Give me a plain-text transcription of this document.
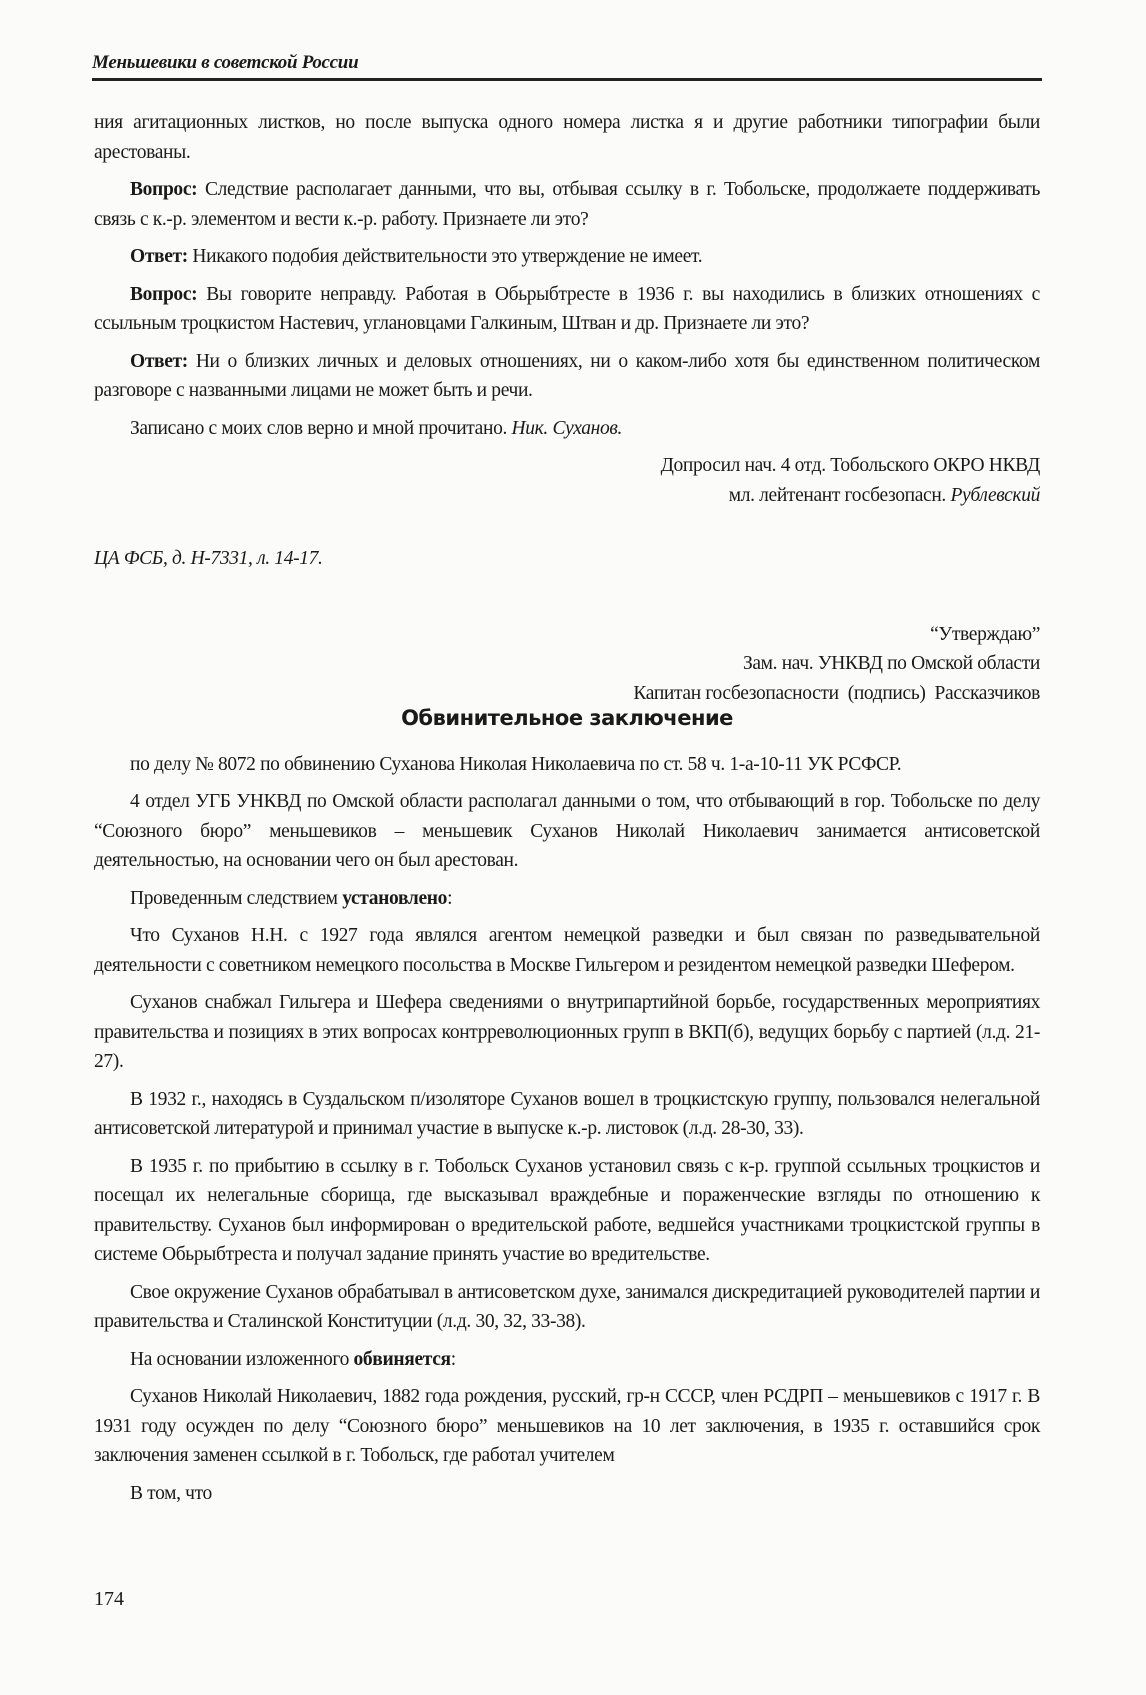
Меньшевики в советской России

ния агитационных листков, но после выпуска одного номера листка я и другие работники типографии были арестованы.

Вопрос: Следствие располагает данными, что вы, отбывая ссылку в г. Тобольске, продолжаете поддерживать связь с к.-р. элементом и вести к.-р. работу. Признаете ли это?

Ответ: Никакого подобия действительности это утверждение не имеет.

Вопрос: Вы говорите неправду. Работая в Обьрыбтресте в 1936 г. вы находились в близких отношениях с ссыльным троцкистом Настевич, углановцами Галкиным, Штван и др. Признаете ли это?

Ответ: Ни о близких личных и деловых отношениях, ни о каком-либо хотя бы единственном политическом разговоре с названными лицами не может быть и речи.

Записано с моих слов верно и мной прочитано. Ник. Суханов.

Допросил нач. 4 отд. Тобольского ОКРО НКВД
мл. лейтенант госбезопасн. Рублевский
ЦА ФСБ, д. Н-7331, л. 14-17.
“Утверждаю”
Зам. нач. УНКВД по Омской области
Капитан госбезопасности  (подпись)  Рассказчиков
Обвинительное заключение

по делу № 8072 по обвинению Суханова Николая Николаевича по ст. 58 ч. 1-а-10-11 УК РСФСР.

4 отдел УГБ УНКВД по Омской области располагал данными о том, что отбывающий в гор. Тобольске по делу “Союзного бюро” меньшевиков – меньшевик Суханов Николай Николаевич занимается антисоветской деятельностью, на основании чего он был арестован.

Проведенным следствием установлено:

Что Суханов Н.Н. с 1927 года являлся агентом немецкой разведки и был связан по разведывательной деятельности с советником немецкого посольства в Москве Гильгером и резидентом немецкой разведки Шефером.

Суханов снабжал Гильгера и Шефера сведениями о внутрипартийной борьбе, государственных мероприятиях правительства и позициях в этих вопросах контрреволюционных групп в ВКП(б), ведущих борьбу с партией (л.д. 21-27).

В 1932 г., находясь в Суздальском п/изоляторе Суханов вошел в троцкистскую группу, пользовался нелегальной антисоветской литературой и принимал участие в выпуске к.-р. листовок (л.д. 28-30, 33).

В 1935 г. по прибытию в ссылку в г. Тобольск Суханов установил связь с к-р. группой ссыльных троцкистов и посещал их нелегальные сборища, где высказывал враждебные и пораженческие взгляды по отношению к правительству. Суханов был информирован о вредительской работе, ведшейся участниками троцкистской группы в системе Обьрыбтреста и получал задание принять участие во вредительстве.

Свое окружение Суханов обрабатывал в антисоветском духе, занимался дискредитацией руководителей партии и правительства и Сталинской Конституции (л.д. 30, 32, 33-38).

На основании изложенного обвиняется:

Суханов Николай Николаевич, 1882 года рождения, русский, гр-н СССР, член РСДРП – меньшевиков с 1917 г. В 1931 году осужден по делу “Союзного бюро” меньшевиков на 10 лет заключения, в 1935 г. оставшийся срок заключения заменен ссылкой в г. Тобольск, где работал учителем

В том, что

174
